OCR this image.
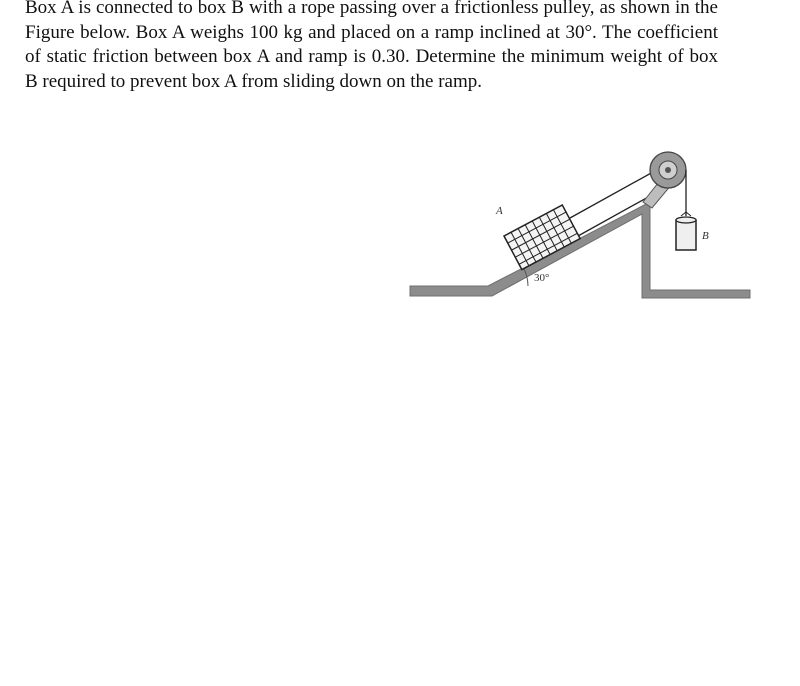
Box A is connected to box B with a rope passing over a frictionless pulley, as shown in the Figure below. Box A weighs 100 kg and placed on a ramp inclined at 30°. The coefficient of static friction between box A and ramp is 0.30. Determine the minimum weight of box B required to prevent box A from sliding down on the ramp.

A
B
30°
